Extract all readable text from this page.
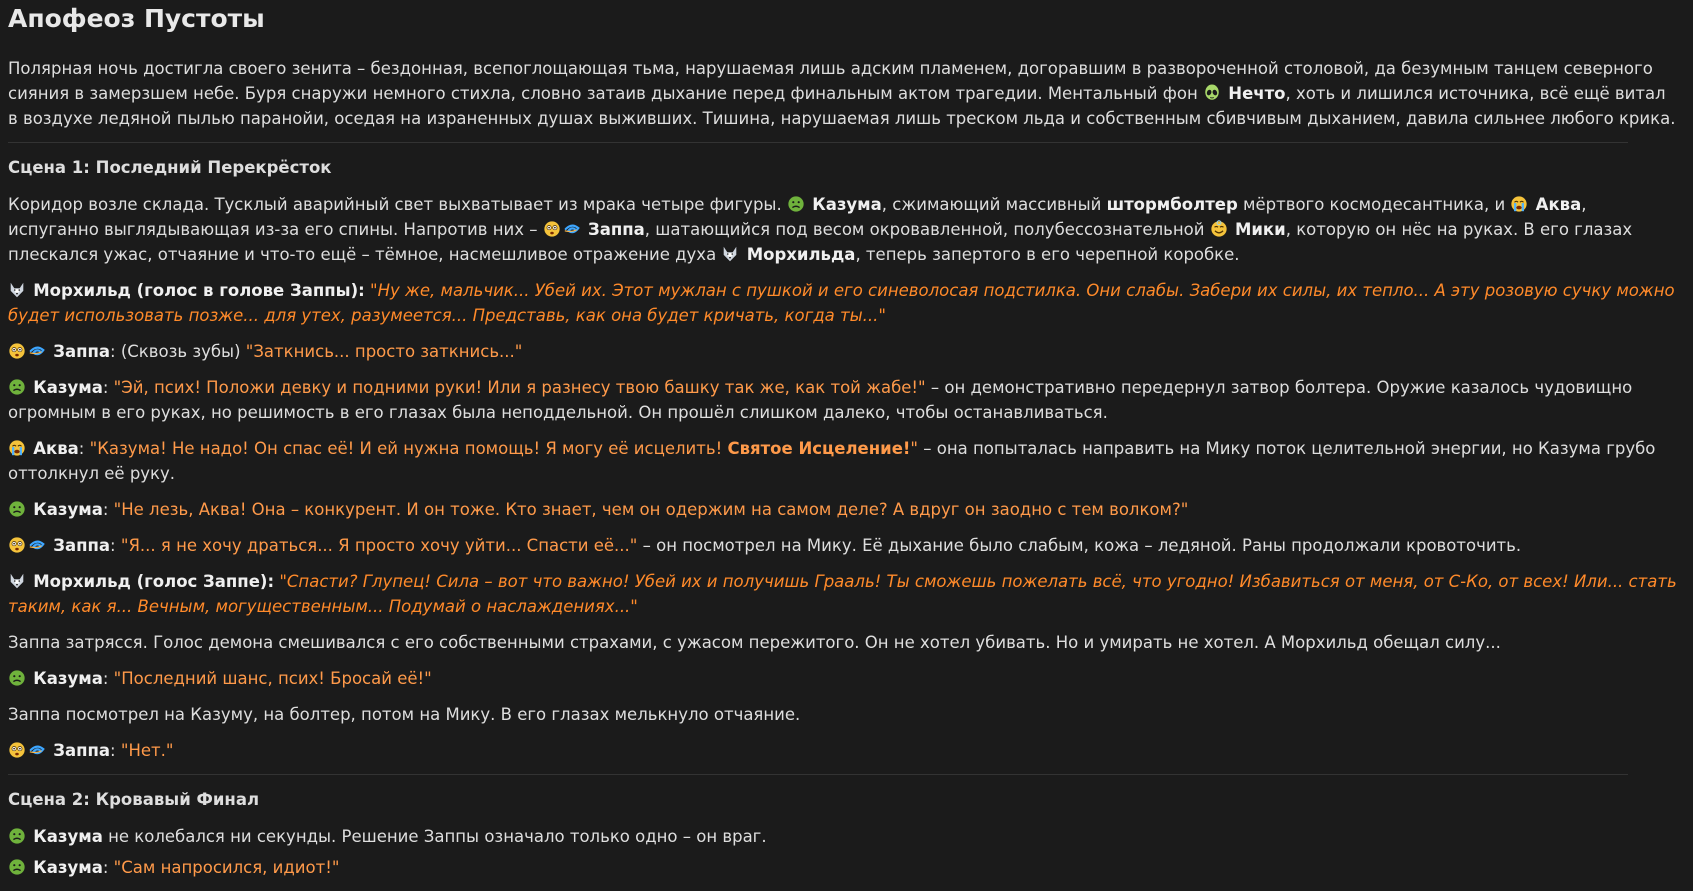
Апофеоз Пустоты

Полярная ночь достигла своего зенита – бездонная, всепоглощающая тьма, нарушаемая лишь адским пламенем, догоравшим в развороченной столовой, да безумным танцем северного сияния в замерзшем небе. Буря снаружи немного стихла, словно затаив дыхание перед финальным актом трагедии. Ментальный фон  Нечто, хоть и лишился источника, всё ещё витал в воздухе ледяной пылью паранойи, оседая на израненных душах выживших. Тишина, нарушаемая лишь треском льда и собственным сбивчивым дыханием, давила сильнее любого крика.

Сцена 1: Последний Перекрёсток

Коридор возле склада. Тусклый аварийный свет выхватывает из мрака четыре фигуры.  Казума, сжимающий массивный штормболтер мёртвого космодесантника, и  Аква, испуганно выглядывающая из-за его спины. Напротив них –	Заппа, шатающийся под весом окровавленной, полубессознательной  Мики, которую он нёс на руках. В его глазах плескался ужас, отчаяние и что-то ещё – тёмное, насмешливое отражение духа  Морхильда, теперь запертого в его черепной коробке.

Морхильд (голос в голове Заппы): "Ну же, мальчик... Убей их. Этот мужлан с пушкой и его синеволосая подстилка. Они слабы. Забери их силы, их тепло... А эту розовую сучку можно будет использовать позже... для утех, разумеется... Представь, как она будет кричать, когда ты..."

Заппа: (Сквозь зубы) "Заткнись... просто заткнись..."

Казума: "Эй, псих! Положи девку и подними руки! Или я разнесу твою башку так же, как той жабе!" – он демонстративно передернул затвор болтера. Оружие казалось чудовищно огромным в его руках, но решимость в его глазах была неподдельной. Он прошёл слишком далеко, чтобы останавливаться.

Аква: "Казума! Не надо! Он спас её! И ей нужна помощь! Я могу её исцелить! Святое Исцеление!" – она попыталась направить на Мику поток целительной энергии, но Казума грубо оттолкнул её руку.

Казума: "Не лезь, Аква! Она – конкурент. И он тоже. Кто знает, чем он одержим на самом деле? А вдруг он заодно с тем волком?"

Заппа: "Я... я не хочу драться... Я просто хочу уйти... Спасти её..." – он посмотрел на Мику. Её дыхание было слабым, кожа – ледяной. Раны продолжали кровоточить.

Морхильд (голос Заппе): "Спасти? Глупец! Сила – вот что важно! Убей их и получишь Грааль! Ты сможешь пожелать всё, что угодно! Избавиться от меня, от С-Ко, от всех! Или... стать таким, как я... Вечным, могущественным... Подумай о наслаждениях..."

Заппа затрясся. Голос демона смешивался с его собственными страхами, с ужасом пережитого. Он не хотел убивать. Но и умирать не хотел. А Морхильд обещал силу...

Казума: "Последний шанс, псих! Бросай её!"

Заппа посмотрел на Казуму, на болтер, потом на Мику. В его глазах мелькнуло отчаяние.

Заппа: "Нет."

Сцена 2: Кровавый Финал

Казума не колебался ни секунды. Решение Заппы означало только одно – он враг.

Казума: "Сам напросился, идиот!"
